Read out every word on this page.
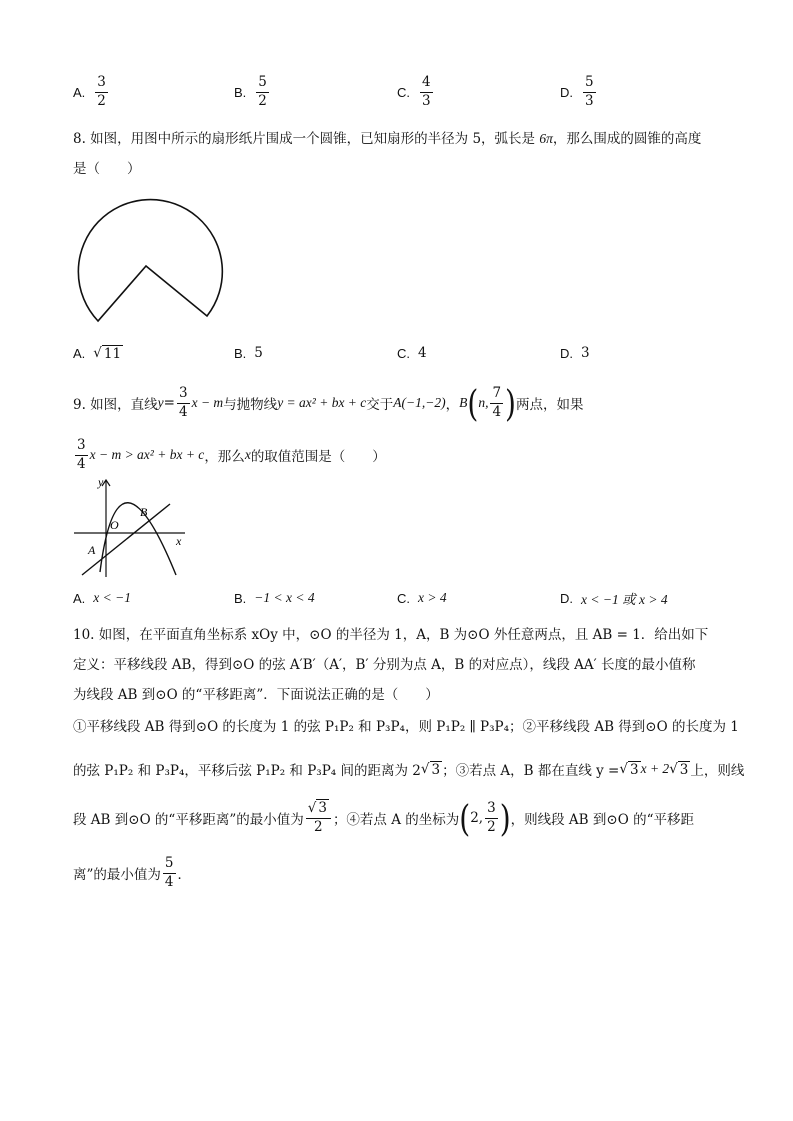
A. $\frac{3}{2}$	B. $\frac{5}{2}$	C. $\frac{4}{3}$	D. $\frac{5}{3}$
8. 如图，用图中所示的扇形纸片围成一个圆锥，已知扇形的半径为 5，弧长是 6π，那么围成的圆锥的高度
是（　　）
A. √ 11	B. 5	C. 4	D. 3
9. 如图，直线 $y = \frac{3}{4}$ x − m 与抛物线 y = ax² + bx + c 交于 A(−1,−2) ， B ( n, $\frac{7}{4}$ ) 两点，如果
$\frac{3}{4}$ x − m > ax² + bx + c ，那么 x 的取值范围是（　　）
y
x
O
A
B
A. x < −1	B. −1 < x < 4	C. x > 4	D. x < −1 或 x > 4
10. 如图，在平面直角坐标系 xOy 中，⊙O 的半径为 1，A，B 为⊙O 外任意两点，且 AB = 1．给出如下
定义：平移线段 AB，得到⊙O 的弦 A′B′（A′，B′ 分别为点 A，B 的对应点），线段 AA′ 长度的最小值称
为线段 AB 到⊙O 的“平移距离”．下面说法正确的是（　　）
①平移线段 AB 得到⊙O 的长度为 1 的弦 P₁P₂ 和 P₃P₄，则 P₁P₂ ∥ P₃P₄；②平移线段 AB 得到⊙O 的长度为 1
的弦 P₁P₂ 和 P₃P₄，平移后弦 P₁P₂ 和 P₃P₄ 间的距离为 2 √ 3 ；③若点 A，B 都在直线 y = √ 3 x + 2 √ 3 上，则线
段 AB 到⊙O 的“平移距离”的最小值为 $\frac{√ 3}{2}$ ；④若点 A 的坐标为 ( 2, $\frac{3}{2}$ ) ，则线段 AB 到⊙O 的“平移距
离”的最小值为 $\frac{5}{4}$ ．
